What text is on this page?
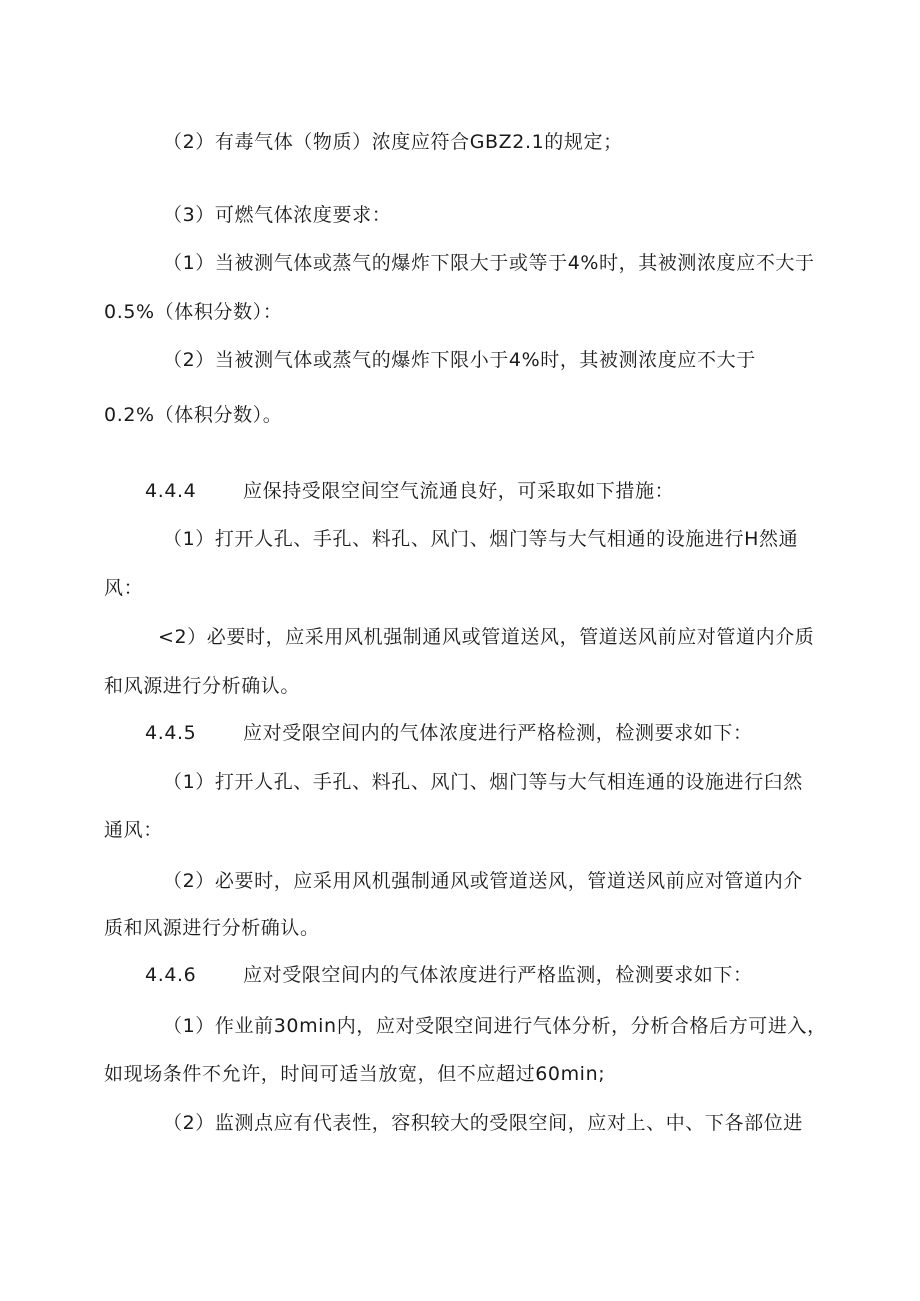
（2）有毒气体（物质）浓度应符合GBZ2.1的规定；
（3）可燃气体浓度要求：
（1）当被测气体或蒸气的爆炸下限大于或等于4%时，其被测浓度应不大于
0.5%（体积分数）：
（2）当被测气体或蒸气的爆炸下限小于4%时，其被测浓度应不大于
0.2%（体积分数）。
4.4.4 应保持受限空间空气流通良好，可采取如下措施：
（1）打开人孔、手孔、料孔、风门、烟门等与大气相通的设施进行H然通
风：
<2）必要时，应采用风机强制通风或管道送风，管道送风前应对管道内介质
和风源进行分析确认。
4.4.5 应对受限空间内的气体浓度进行严格检测，检测要求如下：
（1）打开人孔、手孔、料孔、风门、烟门等与大气相连通的设施进行臼然
通风：
（2）必要时，应采用风机强制通风或管道送风，管道送风前应对管道内介
质和风源进行分析确认。
4.4.6 应对受限空间内的气体浓度进行严格监测，检测要求如下：
（1）作业前30min内，应对受限空间进行气体分析，分析合格后方可进入，
如现场条件不允许，时间可适当放宽，但不应超过60min;
（2）监测点应有代表性，容积较大的受限空间，应对上、中、下各部位进
